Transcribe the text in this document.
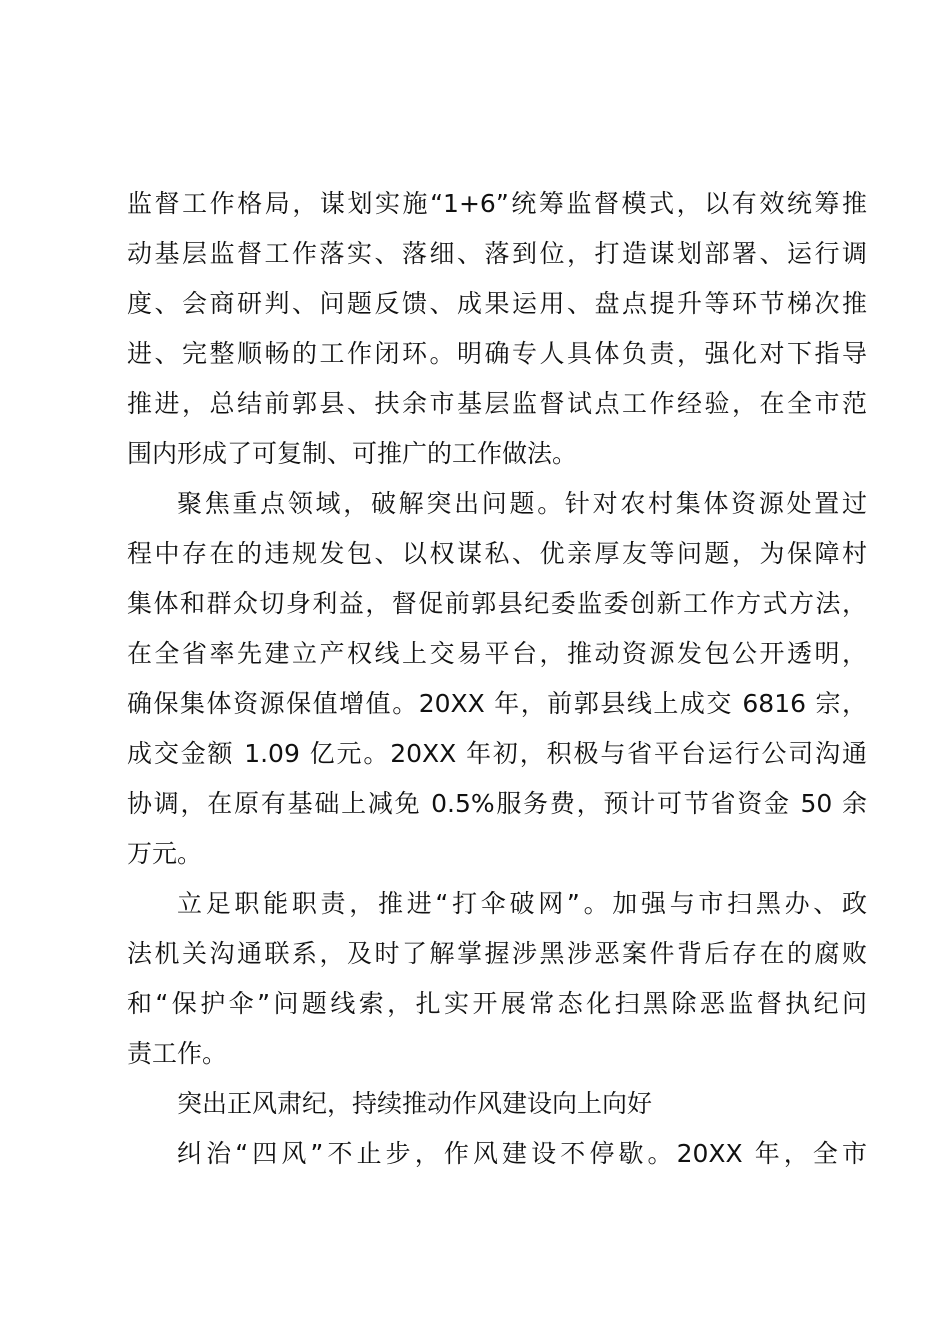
监督工作格局，谋划实施“1+6”统筹监督模式，以有效统筹推

动基层监督工作落实、落细、落到位，打造谋划部署、运行调

度、会商研判、问题反馈、成果运用、盘点提升等环节梯次推

进、完整顺畅的工作闭环。明确专人具体负责，强化对下指导

推进，总结前郭县、扶余市基层监督试点工作经验，在全市范

围内形成了可复制、可推广的工作做法。

聚焦重点领域，破解突出问题。针对农村集体资源处置过

程中存在的违规发包、以权谋私、优亲厚友等问题，为保障村

集体和群众切身利益，督促前郭县纪委监委创新工作方式方法，

在全省率先建立产权线上交易平台，推动资源发包公开透明，

确保集体资源保值增值。20XX 年，前郭县线上成交 6816 宗，

成交金额 1.09 亿元。20XX 年初，积极与省平台运行公司沟通

协调，在原有基础上减免 0.5%服务费，预计可节省资金 50 余

万元。

立足职能职责，推进“打伞破网”。加强与市扫黑办、政

法机关沟通联系，及时了解掌握涉黑涉恶案件背后存在的腐败

和“保护伞”问题线索，扎实开展常态化扫黑除恶监督执纪问

责工作。

突出正风肃纪，持续推动作风建设向上向好

纠治“四风”不止步，作风建设不停歇。20XX 年，全市
